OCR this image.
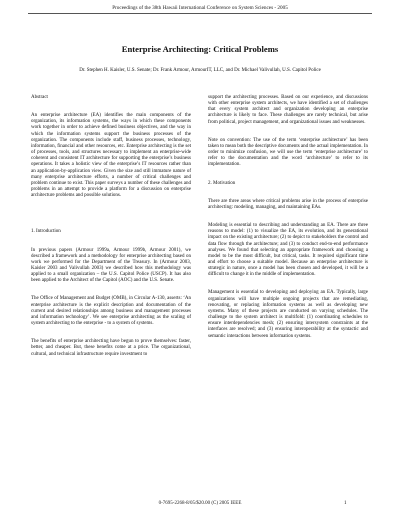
Proceedings of the 38th Hawaii International Conference on System Sciences - 2005
Enterprise Architecting: Critical Problems
Dr. Stephen H. Kaisler, U.S. Senate; Dr. Frank Armour, ArmourIT, LLC, and Dr. Michael Valivullah, U.S. Capitol Police

Abstract

An enterprise architecture (EA) identifies the main components of the organization, its information systems, the ways in which these components work together in order to achieve defined business objectives, and the way in which the information systems support the business processes of the organization. The components include staff, business processes, technology, information, financial and other resources, etc. Enterprise architecting is the set of processes, tools, and structures necessary to implement an enterprise-wide coherent and consistent IT architecture for supporting the enterprise’s business operations. It takes a holistic view of the enterprise’s IT resources rather than an application-by-application view. Given the size and still immature nature of many enterprise architecture efforts, a number of critical challenges and problem continue to exist. This paper surveys a number of these challenges and problems in an attempt to provide a platform for a discussion on enterprise architecture problems and possible solutions.

1. Introduction

In previous papers (Armour 1999a, Armour 1999b, Armour 2001), we described a framework and a methodology for enterprise architecting based on work we performed for the Department of the Treasury. In (Armour 2003, Kaisler 2003 and Valivullah 2003) we described how this methodology was applied to a small organization – the U.S. Capitol Police (USCP). It has also been applied to the Architect of the Capitol (AOC) and the U.S. Senate.

The Office of Management and Budget (OMB), in Circular A-130, asserts: ‘An enterprise architecture is the explicit description and documentation of the current and desired relationships among business and management processes and information technology’. We see enterprise architecting as the scaling of system architecting to the enterprise - to a system of systems.

The benefits of enterprise architecting have begun to prove themselves: faster, better, and cheaper. But, these benefits come at a price. The organizational, cultural, and technical infrastructure require investment to

support the architecting processes. Based on our experience, and discussions with other enterprise system architects, we have identified a set of challenges that every system architect and organization developing an enterprise architecture is likely to face. These challenges are rarely technical, but arise from political, project management, and organizational issues and weaknesses.

Note on convention: The use of the term ‘enterprise architecture’ has been taken to mean both the descriptive documents and the actual implementation. In order to minimize confusion, we will use the term ‘enterprise architecture’ to refer to the documentation and the word ‘architecture’ to refer to its implementation.

2. Motivation

There are three areas where critical problems arise in the process of enterprise architecting: modeling, managing, and maintaining EAs.

Modeling is essential to describing and understanding an EA. There are three reasons to model: (1) to visualize the EA, its evolution, and its generational impact on the existing architecture; (2) to depict to stakeholders the control and data flow through the architecture; and (3) to conduct end-to-end performance analyses. We found that selecting an appropriate framework and choosing a model to be the most difficult, but critical, tasks. It required significant time and effort to choose a suitable model. Because an enterprise architecture is strategic in nature, once a model has been chosen and developed, it will be a difficult to change it in the middle of implementation.

Management is essential to developing and deploying an EA. Typically, large organizations will have multiple ongoing projects that are remediating, renovating, or replacing information systems as well as developing new systems. Many of these projects are conducted on varying schedules. The challenge to the system architect is multifold: (1) coordinating schedules to ensure interdependencies mesh; (2) ensuring intersystem constraints at the interfaces are resolved; and (3) ensuring interoperability at the syntactic and semantic interactions between information systems.

0-7695-2268-8/05/$20.00 (C) 2005 IEEE	1
